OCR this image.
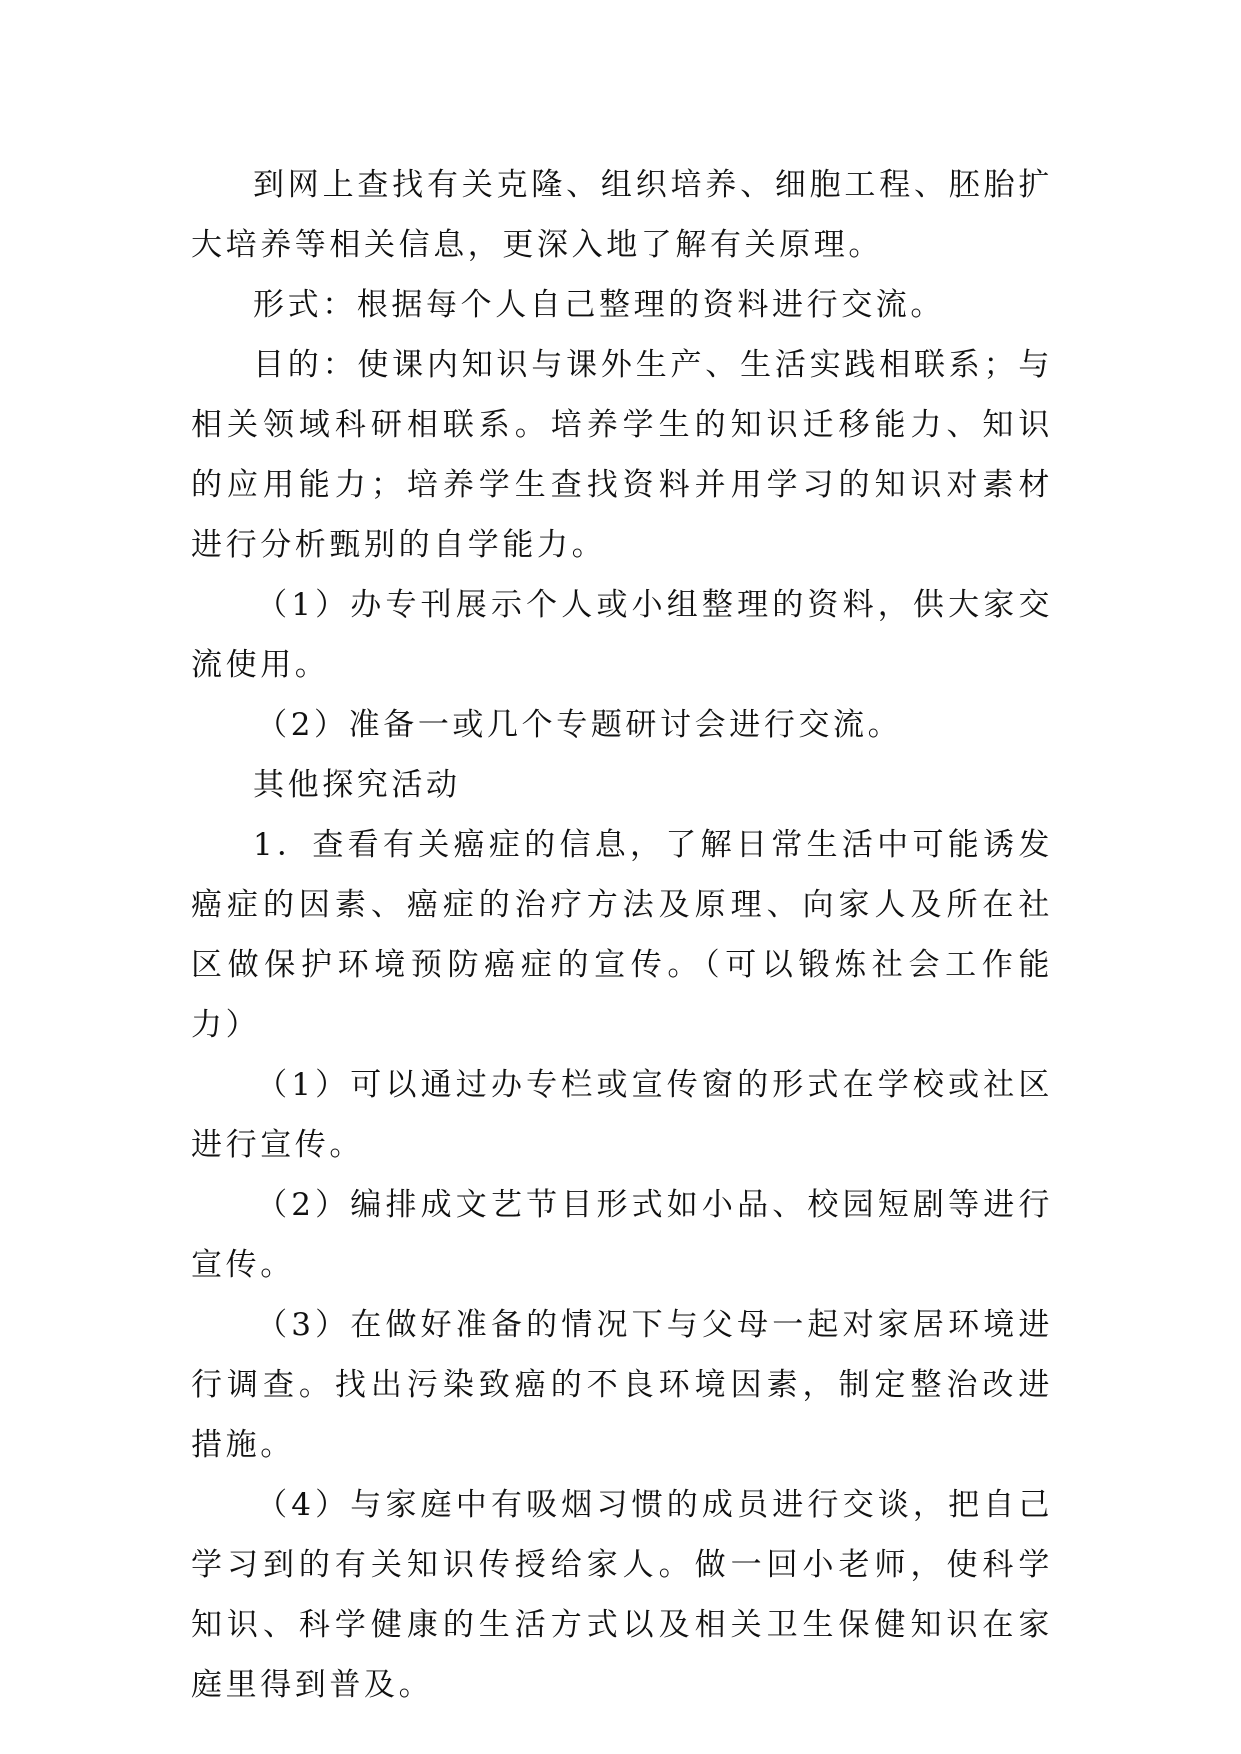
到网上查找有关克隆、组织培养、细胞工程、胚胎扩大培养等相关信息，更深入地了解有关原理。

形式：根据每个人自己整理的资料进行交流。

目的：使课内知识与课外生产、生活实践相联系；与相关领域科研相联系。培养学生的知识迁移能力、知识的应用能力；培养学生查找资料并用学习的知识对素材进行分析甄别的自学能力。

（1）办专刊展示个人或小组整理的资料，供大家交流使用。

（2）准备一或几个专题研讨会进行交流。

其他探究活动

1．查看有关癌症的信息，了解日常生活中可能诱发癌症的因素、癌症的治疗方法及原理、向家人及所在社区做保护环境预防癌症的宣传。（可以锻炼社会工作能力）

（1）可以通过办专栏或宣传窗的形式在学校或社区进行宣传。

（2）编排成文艺节目形式如小品、校园短剧等进行宣传。

（3）在做好准备的情况下与父母一起对家居环境进行调查。找出污染致癌的不良环境因素，制定整治改进措施。

（4）与家庭中有吸烟习惯的成员进行交谈，把自己学习到的有关知识传授给家人。做一回小老师，使科学知识、科学健康的生活方式以及相关卫生保健知识在家庭里得到普及。
